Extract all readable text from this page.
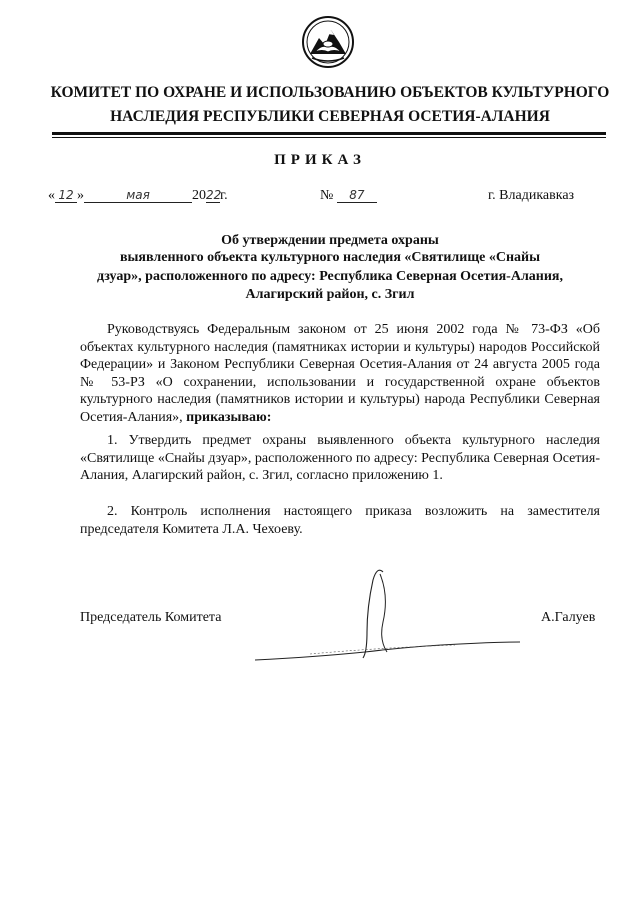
КОМИТЕТ ПО ОХРАНЕ И ИСПОЛЬЗОВАНИЮ ОБЪЕКТОВ КУЛЬТУРНОГО
НАСЛЕДИЯ РЕСПУБЛИКИ СЕВЕРНАЯ ОСЕТИЯ-АЛАНИЯ
ПРИКАЗ
« 12 »	мая	2022г.	№ 87	г. Владикавказ
Об утверждении предмета охраны
выявленного объекта культурного наследия «Святилище «Снайы
дзуар», расположенного по адресу: Республика Северная Осетия-Алания,
Алагирский район, с. Згил
Руководствуясь Федеральным законом от 25 июня 2002 года № 73-ФЗ «Об объектах культурного наследия (памятниках истории и культуры) народов Российской Федерации» и Законом Республики Северная Осетия-Алания от 24 августа 2005 года № 53-РЗ «О сохранении, использовании и государственной охране объектов культурного наследия (памятников истории и культуры) народа Республики Северная Осетия-Алания», приказываю:
1. Утвердить предмет охраны выявленного объекта культурного наследия «Святилище «Снайы дзуар», расположенного по адресу: Республика Северная Осетия-Алания, Алагирский район, с. Згил, согласно приложению 1.
2. Контроль исполнения настоящего приказа возложить на заместителя председателя Комитета Л.А. Чехоеву.
Председатель Комитета	А.Галуев
